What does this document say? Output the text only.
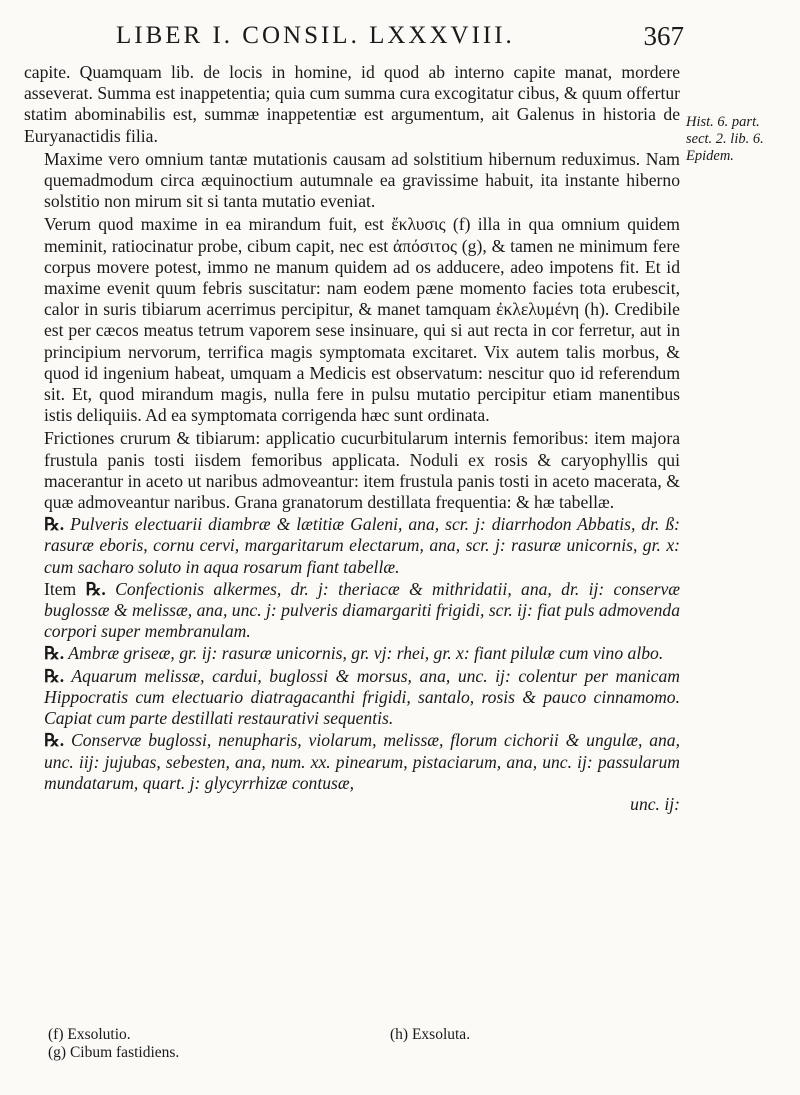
LIBER I. CONSIL. LXXXVIII.	367

capite. Quamquam lib. de locis in homine, id quod ab interno capite manat, mordere asseverat. Summa est inappetentia; quia cum summa cura excogitatur cibus, & quum offertur statim abominabilis est, summæ inappetentiæ est argumentum, ait Galenus in historia de Euryanactidis filia.

Maxime vero omnium tantæ mutationis causam ad solstitium hibernum reduximus. Nam quemadmodum circa æquinoctium autumnale ea gravissime habuit, ita instante hiberno solstitio non mirum sit si tanta mutatio eveniat.

Verum quod maxime in ea mirandum fuit, est ἔκλυσις (f) illa in qua omnium quidem meminit, ratiocinatur probe, cibum capit, nec est ἀπόσιτος (g), & tamen ne minimum fere corpus movere potest, immo ne manum quidem ad os adducere, adeo impotens fit. Et id maxime evenit quum febris suscitatur: nam eodem pæne momento facies tota erubescit, calor in suris tibiarum acerrimus percipitur, & manet tamquam ἐκλελυμένη (h). Credibile est per cæcos meatus tetrum vaporem sese insinuare, qui si aut recta in cor ferretur, aut in principium nervorum, terrifica magis symptomata excitaret. Vix autem talis morbus, & quod id ingenium habeat, umquam a Medicis est observatum: nescitur quo id referendum sit. Et, quod mirandum magis, nulla fere in pulsu mutatio percipitur etiam manentibus istis deliquiis. Ad ea symptomata corrigenda hæc sunt ordinata.

Frictiones crurum & tibiarum: applicatio cucurbitularum internis femoribus: item majora frustula panis tosti iisdem femoribus applicata. Noduli ex rosis & caryophyllis qui macerantur in aceto ut naribus admoveantur: item frustula panis tosti in aceto macerata, & quæ admoveantur naribus. Grana granatorum destillata frequentia: & hæ tabellæ.

℞. Pulveris electuarii diambræ & lætitiæ Galeni, ana, scr. j: diarrhodon Abbatis, dr. ß: rasuræ eboris, cornu cervi, margaritarum electarum, ana, scr. j: rasuræ unicornis, gr. x: cum sacharo soluto in aqua rosarum fiant tabellæ.

Item ℞. Confectionis alkermes, dr. j: theriacæ & mithridatii, ana, dr. ij: conservæ buglossæ & melissæ, ana, unc. j: pulveris diamargariti frigidi, scr. ij: fiat puls admovenda corpori super membranulam.

℞. Ambræ griseæ, gr. ij: rasuræ unicornis, gr. vj: rhei, gr. x: fiant pilulæ cum vino albo.

℞. Aquarum melissæ, cardui, buglossi & morsus, ana, unc. ij: colentur per manicam Hippocratis cum electuario diatragacanthi frigidi, santalo, rosis & pauco cinnamomo. Capiat cum parte destillati restaurativi sequentis.

℞. Conservæ buglossi, nenupharis, violarum, melissæ, florum cichorii & ungulæ, ana, unc. iij: jujubas, sebesten, ana, num. xx. pinearum, pistaciarum, ana, unc. ij: passularum mundatarum, quart. j: glycyrrhizæ contusæ,

unc. ij:

Hist. 6. part.
sect. 2. lib. 6.
Epidem.
(f) Exsolutio.
(g) Cibum fastidiens.
(h) Exsoluta.
